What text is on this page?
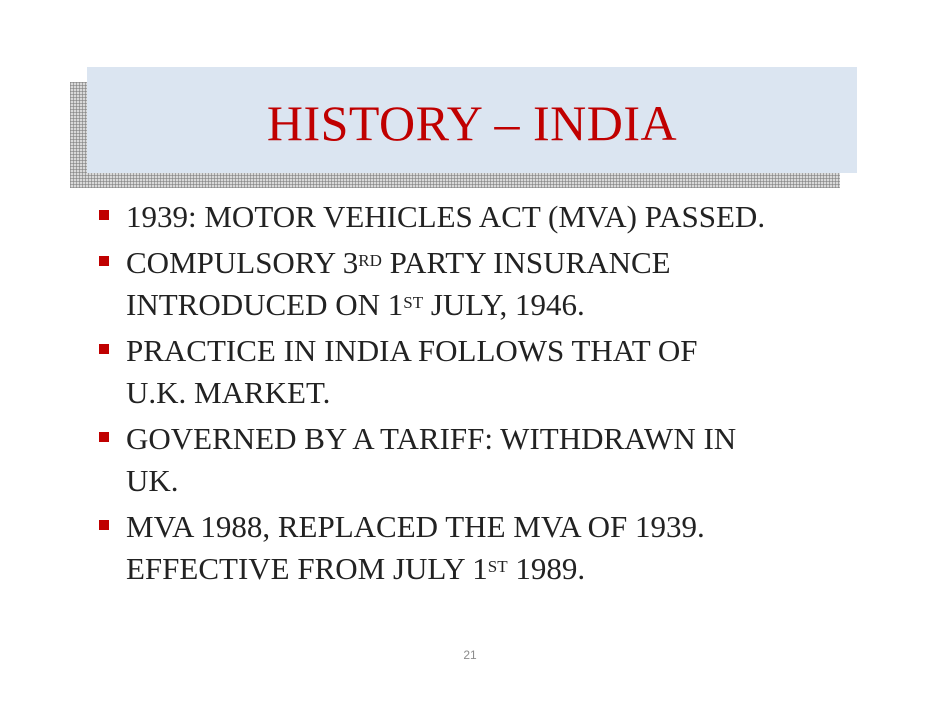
HISTORY – INDIA
1939: MOTOR VEHICLES ACT (MVA) PASSED.
COMPULSORY 3RD PARTY INSURANCE
INTRODUCED ON 1ST JULY, 1946.
PRACTICE IN INDIA FOLLOWS THAT OF
U.K. MARKET.
GOVERNED BY A TARIFF: WITHDRAWN IN
UK.
MVA 1988, REPLACED THE MVA OF 1939.
EFFECTIVE FROM JULY 1ST 1989.
21
